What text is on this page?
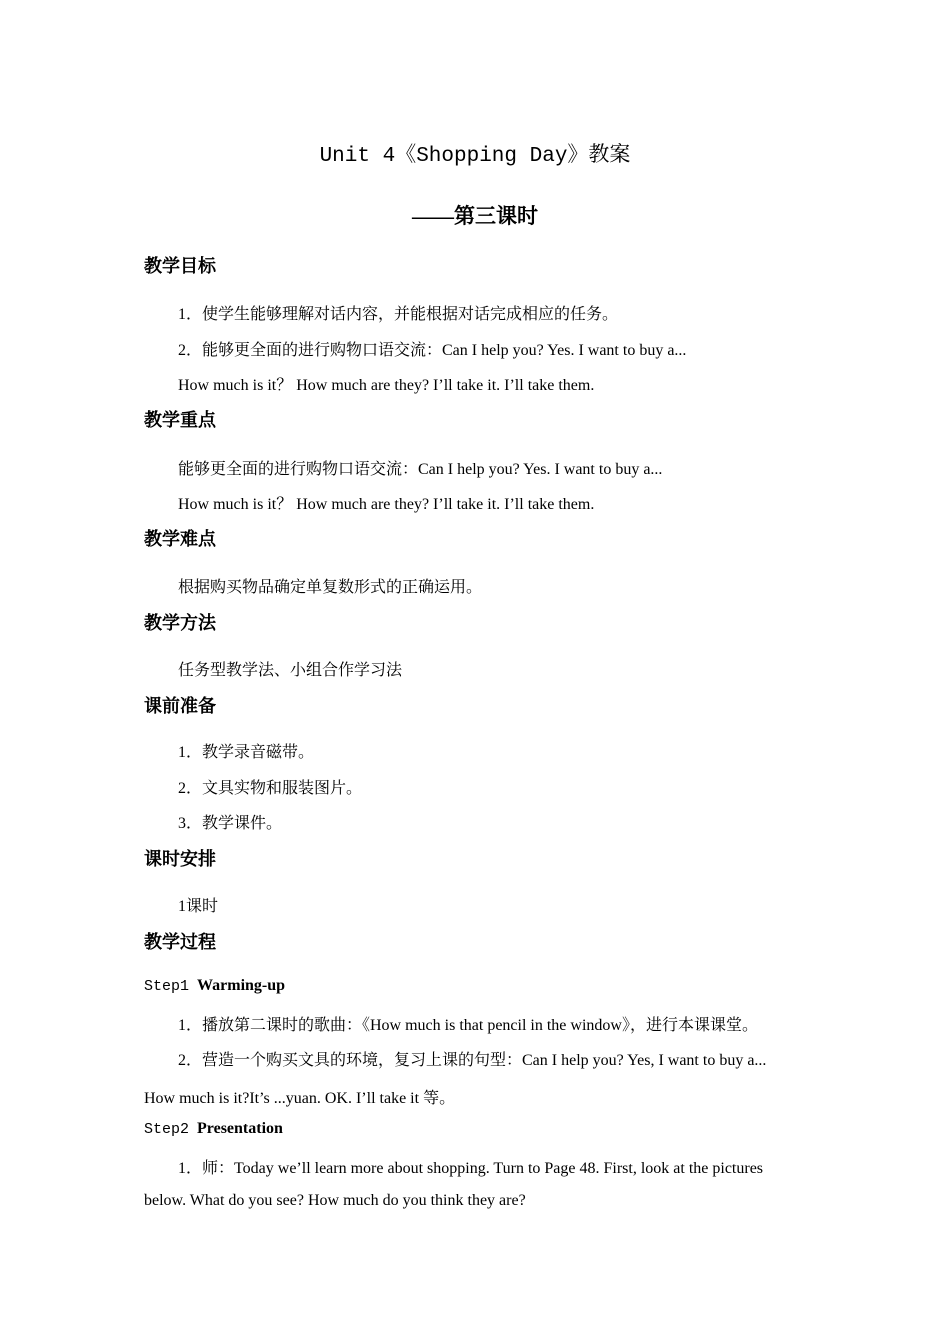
Unit 4《Shopping Day》教案
——第三课时
教学目标
1．使学生能够理解对话内容，并能根据对话完成相应的任务。
2．能够更全面的进行购物口语交流：Can I help you? Yes. I want to buy a...
How much is it？ How much are they? I’ll take it. I’ll take them.
教学重点
能够更全面的进行购物口语交流：Can I help you? Yes. I want to buy a...
How much is it？ How much are they? I’ll take it. I’ll take them.
教学难点
根据购买物品确定单复数形式的正确运用。
教学方法
任务型教学法、小组合作学习法
课前准备
1．教学录音磁带。
2．文具实物和服装图片。
3．教学课件。
课时安排
1课时
教学过程
Step1 Warming-up
1．播放第二课时的歌曲：《How much is that pencil in the window》，进行本课课堂。
2．营造一个购买文具的环境，复习上课的句型：Can I help you? Yes, I want to buy a...
How much is it?It’s ...yuan. OK. I’ll take it 等。
Step2 Presentation
1．师：Today we’ll learn more about shopping. Turn to Page 48. First, look at the pictures
below. What do you see? How much do you think they are?
